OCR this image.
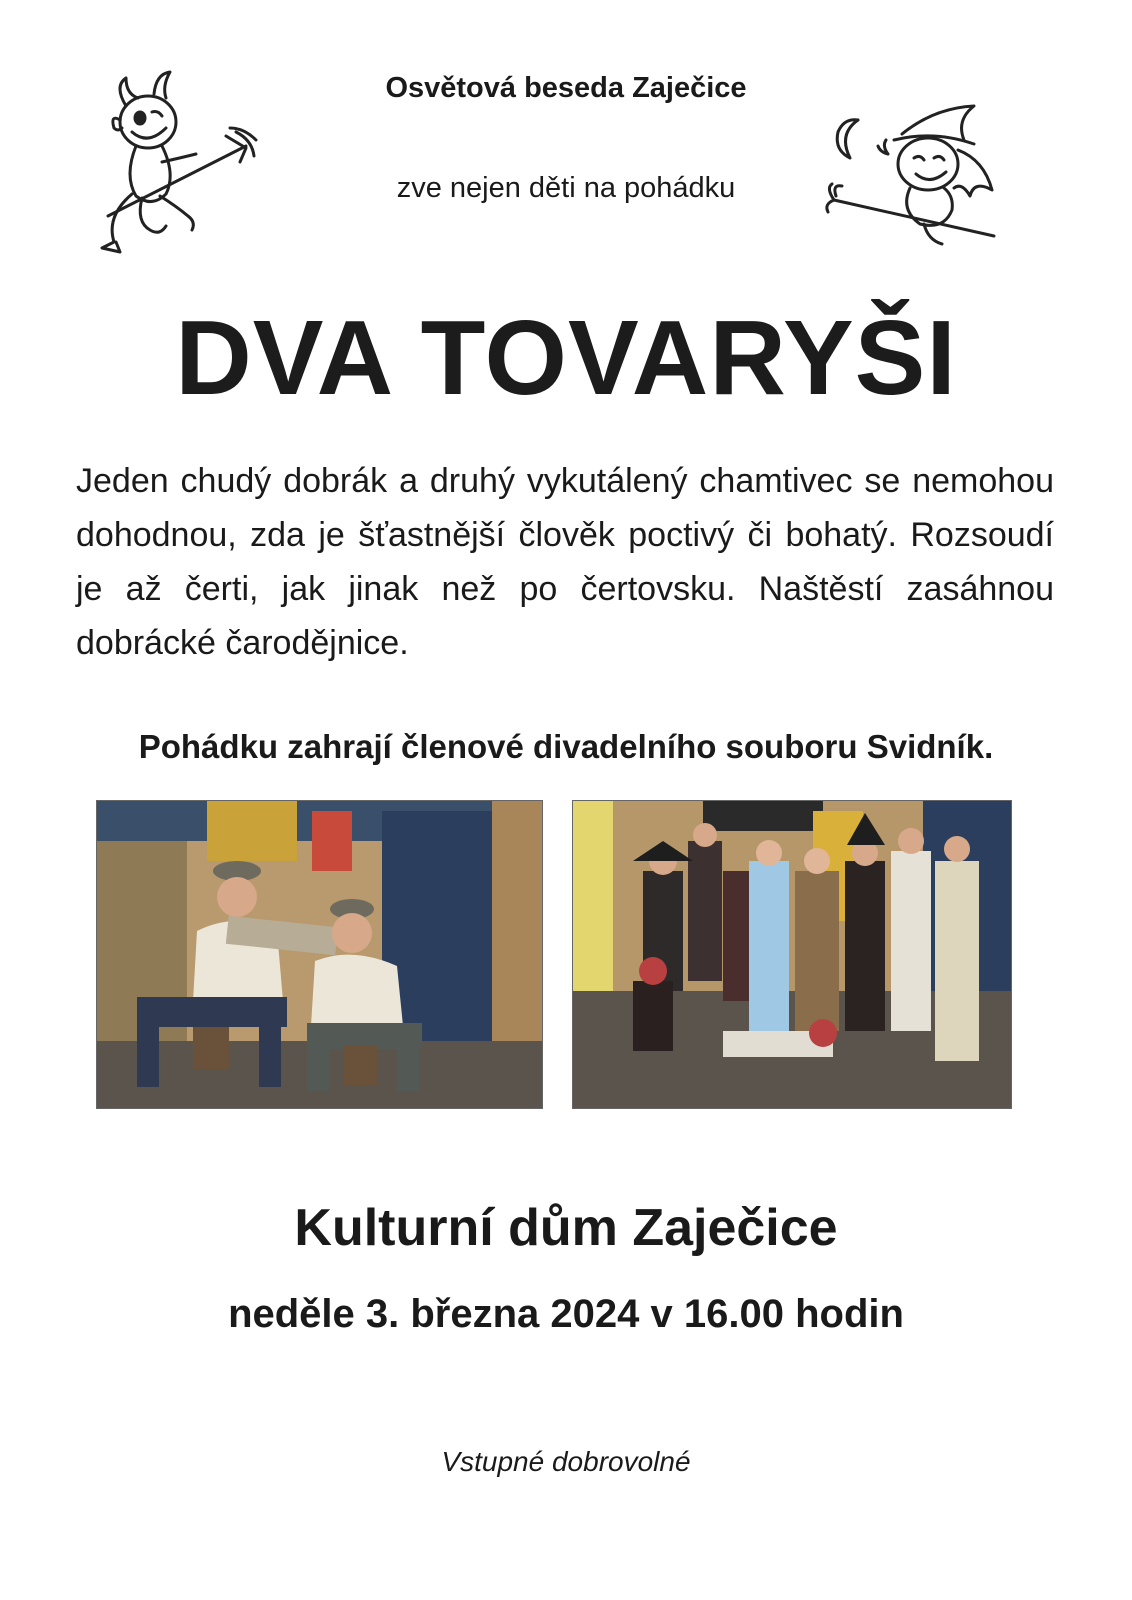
Osvětová beseda Zaječice
zve nejen děti na pohádku
DVA TOVARYŠI
Jeden chudý dobrák a druhý vykutálený chamtivec se nemohou dohodnou, zda je šťastnější člověk poctivý či bohatý. Rozsoudí je až čerti, jak jinak než po čertovsku. Naštěstí zasáhnou dobrácké čarodějnice.
Pohádku zahrají členové divadelního souboru Svidník.
Kulturní dům Zaječice
neděle 3. března 2024 v 16.00 hodin
Vstupné dobrovolné
